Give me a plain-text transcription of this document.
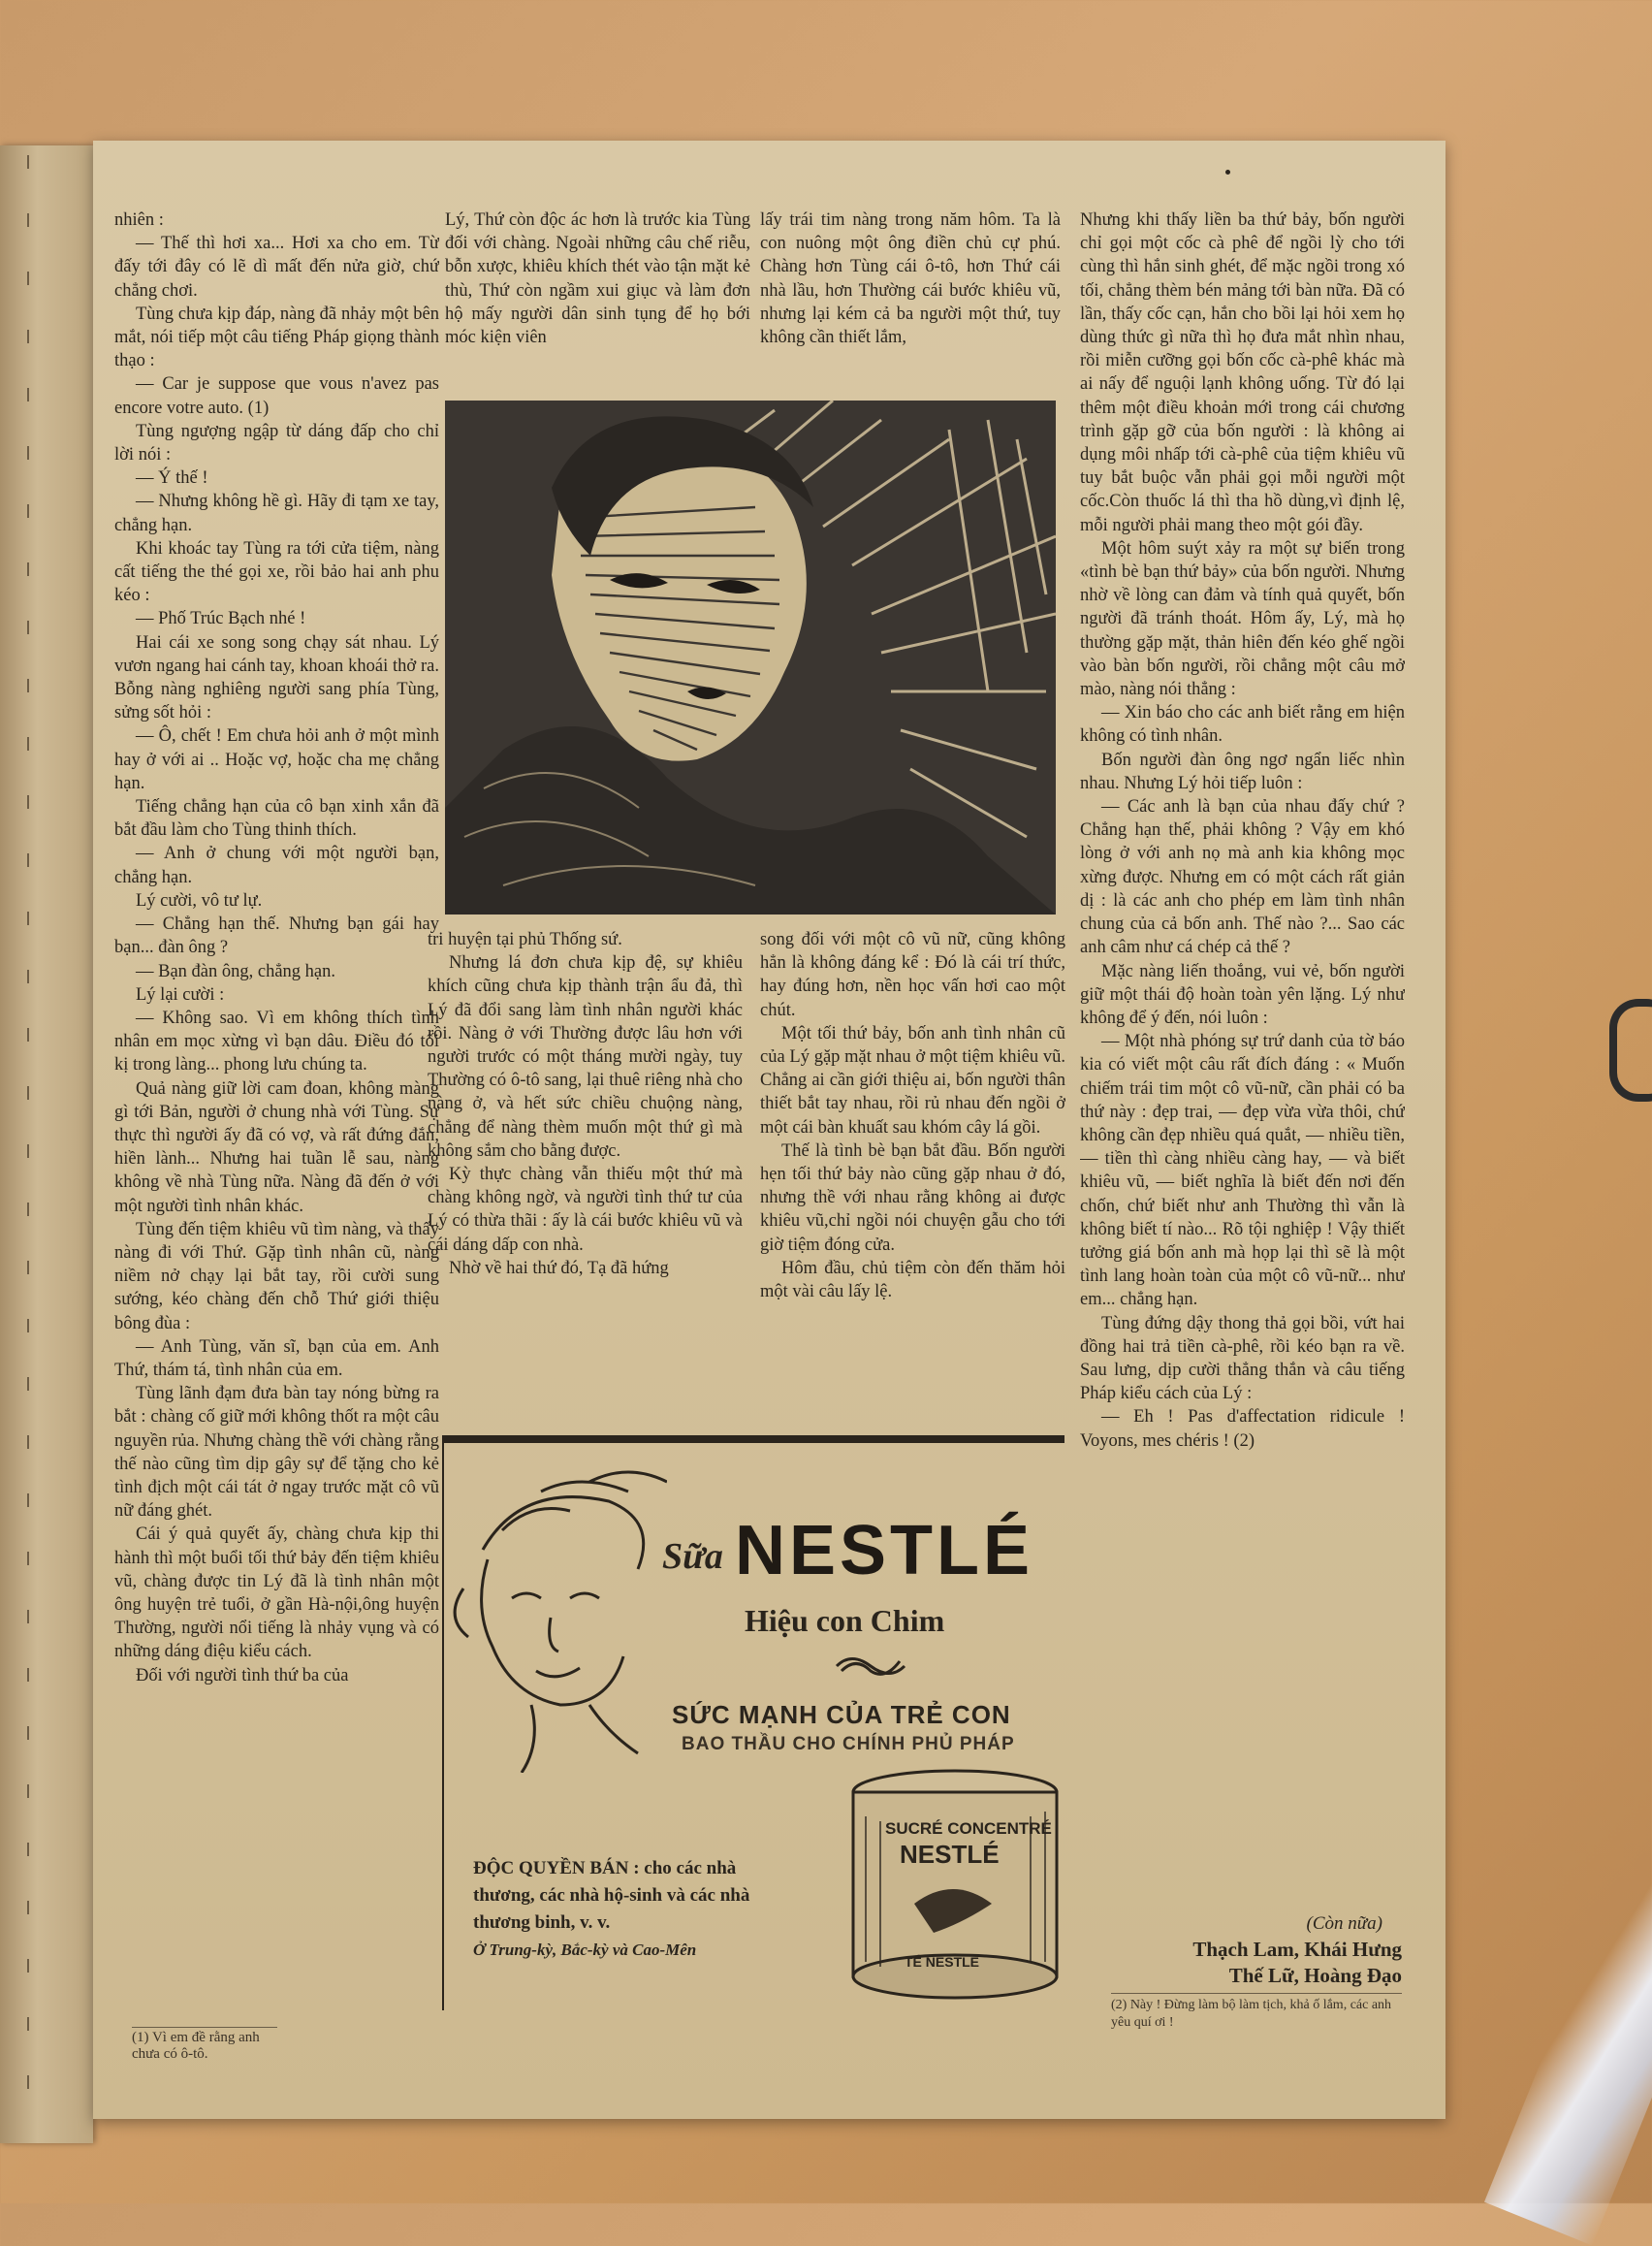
nhiên :

— Thế thì hơi xa... Hơi xa cho em. Từ đấy tới đây có lẽ dì mất đến nửa giờ, chứ chẳng chơi.

Tùng chưa kịp đáp, nàng đã nhảy một bên mắt, nói tiếp một câu tiếng Pháp giọng thành thạo :

— Car je suppose que vous n'avez pas encore votre auto. (1)

Tùng ngượng ngập từ dáng đấp cho chỉ lời nói :

— Ý thế !

— Nhưng không hề gì. Hãy đi tạm xe tay, chẳng hạn.

Khi khoác tay Tùng ra tới cửa tiệm, nàng cất tiếng the thé gọi xe, rồi bảo hai anh phu kéo :

— Phố Trúc Bạch nhé !

Hai cái xe song song chạy sát nhau. Lý vươn ngang hai cánh tay, khoan khoái thở ra. Bỗng nàng nghiêng người sang phía Tùng, sửng sốt hỏi :

— Ô, chết ! Em chưa hỏi anh ở một mình hay ở với ai .. Hoặc vợ, hoặc cha mẹ chẳng hạn.

Tiếng chẳng hạn của cô bạn xinh xắn đã bắt đầu làm cho Tùng thinh thích.

— Anh ở chung với một người bạn, chẳng hạn.

Lý cười, vô tư lự.

— Chẳng hạn thế. Nhưng bạn gái hay bạn... đàn ông ?

— Bạn đàn ông, chẳng hạn.

Lý lại cười :

— Không sao. Vì em không thích tình nhân em mọc xừng vì bạn dâu. Điều đó tối kị trong làng... phong lưu chúng ta.

Quả nàng giữ lời cam đoan, không màng gì tới Bản, người ở chung nhà với Tùng. Sự thực thì người ấy đã có vợ, và rất đứng đắn, hiền lành... Nhưng hai tuần lễ sau, nàng không về nhà Tùng nữa. Nàng đã đến ở với một người tình nhân khác.

Tùng đến tiệm khiêu vũ tìm nàng, và thấy nàng đi với Thứ. Gặp tình nhân cũ, nàng niềm nở chạy lại bắt tay, rồi cười sung sướng, kéo chàng đến chỗ Thứ giới thiệu bông đùa :

— Anh Tùng, văn sĩ, bạn của em. Anh Thứ, thám tá, tình nhân của em.

Tùng lãnh đạm đưa bàn tay nóng bừng ra bắt : chàng cố giữ mới không thốt ra một câu nguyền rủa. Nhưng chàng thề với chàng rằng thế nào cũng tìm dịp gây sự để tặng cho kẻ tình địch một cái tát ở ngay trước mặt cô vũ nữ đáng ghét.

Cái ý quả quyết ấy, chàng chưa kịp thi hành thì một buổi tối thứ bảy đến tiệm khiêu vũ, chàng được tin Lý đã là tình nhân một ông huyện trẻ tuổi, ở gần Hà-nội,ông huyện Thường, người nổi tiếng là nhảy vụng và có những dáng điệu kiểu cách.

Đối với người tình thứ ba của

(1) Vì em đề rằng anh chưa có ô-tô.

Lý, Thứ còn độc ác hơn là trước kia Tùng đối với chàng. Ngoài những câu chế riễu, bỗn xược, khiêu khích thét vào tận mặt kẻ thù, Thứ còn ngầm xui giục và làm đơn hộ mấy người dân sinh tụng để họ bới móc kiện viên

lấy trái tim nàng trong năm hôm. Ta là con nuông một ông điền chủ cự phú. Chàng hơn Tùng cái ô-tô, hơn Thứ cái nhà lầu, hơn Thường cái bước khiêu vũ, nhưng lại kém cả ba người một thứ, tuy không cần thiết lắm,

tri huyện tại phủ Thống sứ.

Nhưng lá đơn chưa kịp đệ, sự khiêu khích cũng chưa kịp thành trận ẩu đả, thì Lý đã đổi sang làm tình nhân người khác rồi. Nàng ở với Thường được lâu hơn với người trước có một tháng mười ngày, tuy Thường có ô-tô sang, lại thuê riêng nhà cho nàng ở, và hết sức chiều chuộng nàng, chẳng để nàng thèm muốn một thứ gì mà không sắm cho bằng được.

Kỳ thực chàng vẫn thiếu một thứ mà chàng không ngờ, và người tình thứ tư của Lý có thừa thãi : ấy là cái bước khiêu vũ và cái dáng dấp con nhà.

Nhờ về hai thứ đó, Tạ đã hứng

song đối với một cô vũ nữ, cũng không hẳn là không đáng kể : Đó là cái trí thức, hay đúng hơn, nền học vấn hơi cao một chút.

Một tối thứ bảy, bốn anh tình nhân cũ của Lý gặp mặt nhau ở một tiệm khiêu vũ. Chẳng ai cần giới thiệu ai, bốn người thân thiết bắt tay nhau, rồi rủ nhau đến ngồi ở một cái bàn khuất sau khóm cây lá gồi.

Thế là tình bè bạn bắt đầu. Bốn người hẹn tối thứ bảy nào cũng gặp nhau ở đó, nhưng thề với nhau rằng không ai được khiêu vũ,chỉ ngồi nói chuyện gẫu cho tới giờ tiệm đóng cửa.

Hôm đầu, chủ tiệm còn đến thăm hỏi một vài câu lấy lệ.

Nhưng khi thấy liền ba thứ bảy, bốn người chỉ gọi một cốc cà phê để ngồi lỳ cho tới cùng thì hắn sinh ghét, để mặc ngồi trong xó tối, chẳng thèm bén mảng tới bàn nữa. Đã có lần, thấy cốc cạn, hắn cho bồi lại hỏi xem họ dùng thức gì nữa thì họ đưa mắt nhìn nhau, rồi miễn cưỡng gọi bốn cốc cà-phê khác mà ai nấy để nguội lạnh không uống. Từ đó lại thêm một điều khoản mới trong cái chương trình gặp gỡ của bốn người : là không ai dụng môi nhấp tới cà-phê của tiệm khiêu vũ tuy bắt buộc vẫn phải gọi mỗi người một cốc.Còn thuốc lá thì tha hồ dùng,vì định lệ, mỗi người phải mang theo một gói đầy.

Một hôm suýt xảy ra một sự biến trong «tình bè bạn thứ bảy» của bốn người. Nhưng nhờ về lòng can đảm và tính quả quyết, bốn người đã tránh thoát. Hôm ấy, Lý, mà họ thường gặp mặt, thản hiên đến kéo ghế ngồi vào bàn bốn người, rồi chẳng một câu mở mào, nàng nói thẳng :

— Xin báo cho các anh biết rằng em hiện không có tình nhân.

Bốn người đàn ông ngơ ngẩn liếc nhìn nhau. Nhưng Lý hỏi tiếp luôn :

— Các anh là bạn của nhau đấy chứ ? Chẳng hạn thế, phải không ? Vậy em khó lòng ở với anh nọ mà anh kia không mọc xừng được. Nhưng em có một cách rất giản dị : là các anh cho phép em làm tình nhân chung của cả bốn anh. Thế nào ?... Sao các anh câm như cá chép cả thế ?

Mặc nàng liến thoắng, vui vẻ, bốn người giữ một thái độ hoàn toàn yên lặng. Lý như không để ý đến, nói luôn :

— Một nhà phóng sự trứ danh của tờ báo kia có viết một câu rất đích đáng : « Muốn chiếm trái tim một cô vũ-nữ, cần phải có ba thứ này : đẹp trai, — đẹp vừa vừa thôi, chứ không cần đẹp nhiều quá quắt, — nhiều tiền, — tiền thì càng nhiều càng hay, — và biết khiêu vũ, — biết nghĩa là biết đến nơi đến chốn, chứ biết như anh Thường thì vẫn là không biết tí nào... Rõ tội nghiệp ! Vậy thiết tưởng giá bốn anh mà họp lại thì sẽ là một tình lang hoàn toàn của một cô vũ-nữ... như em... chẳng hạn.

Tùng đứng dậy thong thả gọi bồi, vứt hai đồng hai trả tiền cà-phê, rồi kéo bạn ra về. Sau lưng, dịp cười thẳng thắn và câu tiếng Pháp kiểu cách của Lý :

— Eh ! Pas d'affectation ridicule ! Voyons, mes chéris ! (2)

(Còn nữa)
Thạch Lam, Khái Hưng
Thế Lữ, Hoàng Đạo
(2) Này ! Đừng làm bộ làm tịch, khả ố lắm, các anh yêu quí ơi !
Sữa NESTLÉ
Hiệu con Chim
SỨC MẠNH CỦA TRẺ CON
BAO THẦU CHO CHÍNH PHỦ PHÁP
ĐỘC QUYỀN BÁN : cho các nhà thương, các nhà hộ-sinh và các nhà thương binh, v. v.
Ở Trung-kỳ, Bắc-kỳ và Cao-Mên
SUCRÉ CONCENTRÉ
NESTLÉ
TÉ NESTLÉ
